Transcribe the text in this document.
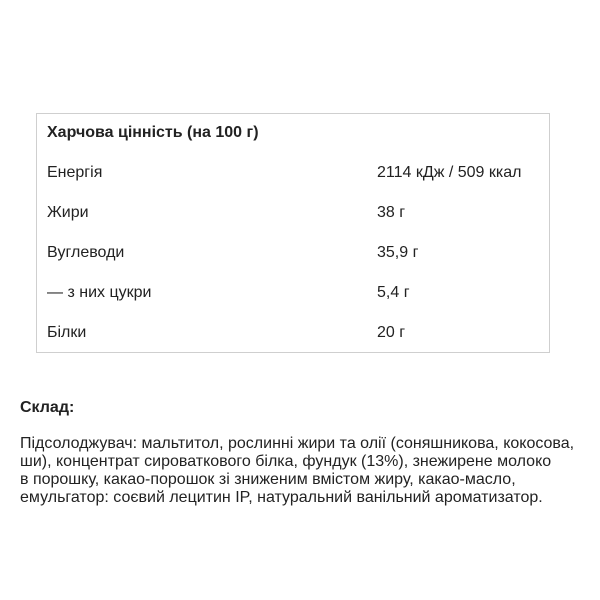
Харчова цінність (на 100 г)
Енергія	2114 кДж / 509 ккал
Жири	38 г
Вуглеводи	35,9 г
— з них цукри	5,4 г
Білки	20 г
Склад:

Підсолоджувач: мальтитол, рослинні жири та олії (соняшникова, кокосова,
ши), концентрат сироваткового білка, фундук (13%), знежирене молоко
в порошку, какао-порошок зі зниженим вмістом жиру, какао-масло,
емульгатор: соєвий лецитин IP, натуральний ванільний ароматизатор.
